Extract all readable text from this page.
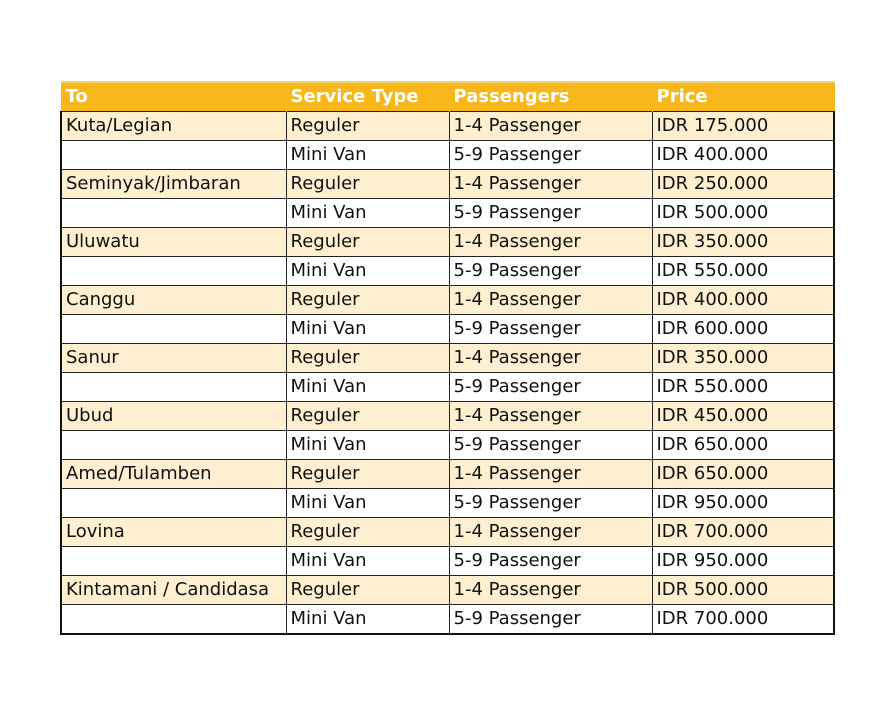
To	Service Type	Passengers	Price
Kuta/Legian	Reguler	1-4 Passenger	IDR 175.000
	Mini Van	5-9 Passenger	IDR 400.000
Seminyak/Jimbaran	Reguler	1-4 Passenger	IDR 250.000
	Mini Van	5-9 Passenger	IDR 500.000
Uluwatu	Reguler	1-4 Passenger	IDR 350.000
	Mini Van	5-9 Passenger	IDR 550.000
Canggu	Reguler	1-4 Passenger	IDR 400.000
	Mini Van	5-9 Passenger	IDR 600.000
Sanur	Reguler	1-4 Passenger	IDR 350.000
	Mini Van	5-9 Passenger	IDR 550.000
Ubud	Reguler	1-4 Passenger	IDR 450.000
	Mini Van	5-9 Passenger	IDR 650.000
Amed/Tulamben	Reguler	1-4 Passenger	IDR 650.000
	Mini Van	5-9 Passenger	IDR 950.000
Lovina	Reguler	1-4 Passenger	IDR 700.000
	Mini Van	5-9 Passenger	IDR 950.000
Kintamani / Candidasa	Reguler	1-4 Passenger	IDR 500.000
	Mini Van	5-9 Passenger	IDR 700.000
